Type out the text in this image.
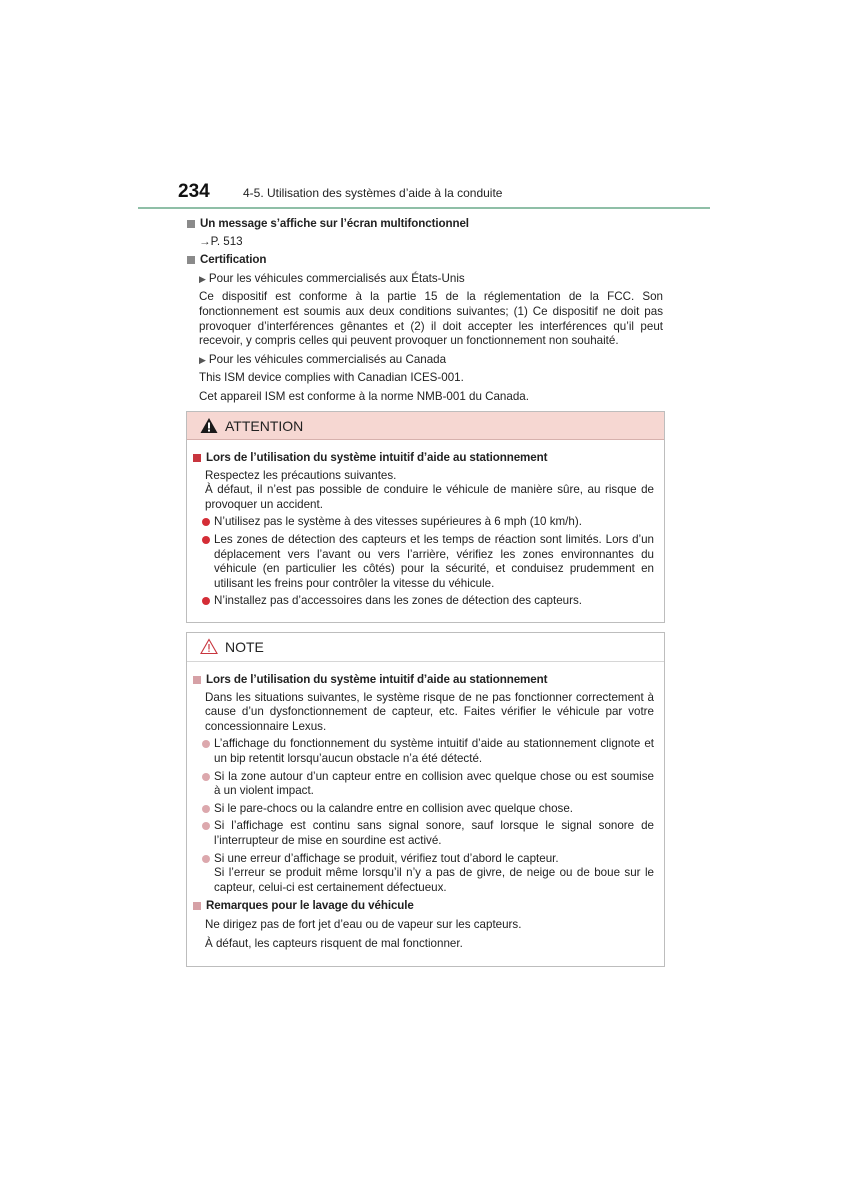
234	4-5. Utilisation des systèmes d’aide à la conduite
Un message s’affiche sur l’écran multifonctionnel
→P. 513
Certification
▶ Pour les véhicules commercialisés aux États-Unis
Ce dispositif est conforme à la partie 15 de la réglementation de la FCC. Son fonctionnement est soumis aux deux conditions suivantes; (1) Ce dispositif ne doit pas provoquer d’interférences gênantes et (2) il doit accepter les interférences qu’il peut recevoir, y compris celles qui peuvent provoquer un fonctionnement non souhaité.
▶ Pour les véhicules commercialisés au Canada
This ISM device complies with Canadian ICES-001.
Cet appareil ISM est conforme à la norme NMB-001 du Canada.
ATTENTION
Lors de l’utilisation du système intuitif d’aide au stationnement
Respectez les précautions suivantes.
À défaut, il n’est pas possible de conduire le véhicule de manière sûre, au risque de provoquer un accident.
N’utilisez pas le système à des vitesses supérieures à 6 mph (10 km/h).
Les zones de détection des capteurs et les temps de réaction sont limités. Lors d’un déplacement vers l’avant ou vers l’arrière, vérifiez les zones environnantes du véhicule (en particulier les côtés) pour la sécurité, et conduisez prudemment en utilisant les freins pour contrôler la vitesse du véhicule.
N’installez pas d’accessoires dans les zones de détection des capteurs.
NOTE
Lors de l’utilisation du système intuitif d’aide au stationnement
Dans les situations suivantes, le système risque de ne pas fonctionner correctement à cause d’un dysfonctionnement de capteur, etc. Faites vérifier le véhicule par votre concessionnaire Lexus.
L’affichage du fonctionnement du système intuitif d’aide au stationnement clignote et un bip retentit lorsqu’aucun obstacle n’a été détecté.
Si la zone autour d’un capteur entre en collision avec quelque chose ou est soumise à un violent impact.
Si le pare-chocs ou la calandre entre en collision avec quelque chose.
Si l’affichage est continu sans signal sonore, sauf lorsque le signal sonore de l’interrupteur de mise en sourdine est activé.
Si une erreur d’affichage se produit, vérifiez tout d’abord le capteur.
Si l’erreur se produit même lorsqu’il n’y a pas de givre, de neige ou de boue sur le capteur, celui-ci est certainement défectueux.
Remarques pour le lavage du véhicule
Ne dirigez pas de fort jet d’eau ou de vapeur sur les capteurs.
À défaut, les capteurs risquent de mal fonctionner.
